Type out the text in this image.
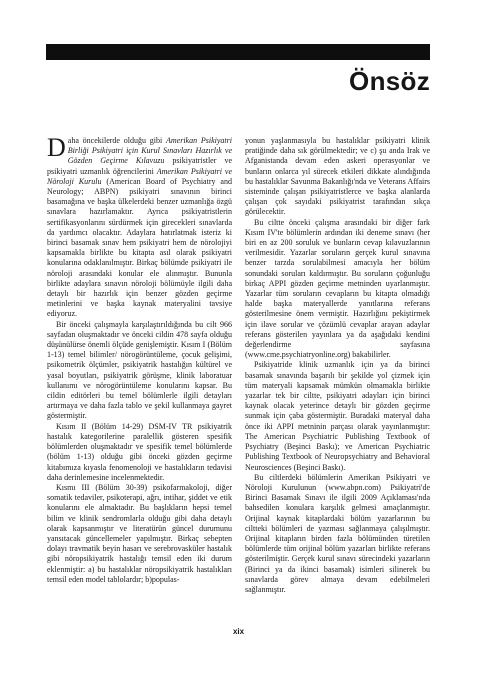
Önsöz

Daha öncekilerde olduğu gibi Amerikan Psikiyatri Birliği Psikiyatri için Kurul Sınavları Hazırlık ve Gözden Geçirme Kılavuzu psikiyatristler ve psikiyatri uzmanlık öğrencilerini Amerikan Psikiyatri ve Nöroloji Kurulu (American Board of Psychiatry and Neurology; ABPN) psikiyatri sınavının birinci basamağına ve başka ülkelerdeki benzer uzmanlığa özgü sınavlara hazırlamaktır. Ayrıca psikiyatristlerin sertifikasyonlarını sürdürmek için girecekleri sınavlarda da yardımcı olacaktır. Adaylara hatırlatmak isteriz ki birinci basamak sınav hem psikiyatri hem de nörolojiyi kapsamakla birlikte bu kitapta asıl olarak psikiyatri konularına odaklanılmıştır. Birkaç bölümde psikiyatri ile nöroloji arasındaki konular ele alınmıştır. Bununla birlikte adaylara sınavın nöroloji bölümüyle ilgili daha detaylı bir hazırlık için benzer gözden geçirme metinlerini ve başka kaynak materyalini tavsiye ediyoruz.

Bir önceki çalışmayla karşılaştırıldığında bu cilt 966 sayfadan oluşmaktadır ve önceki cildin 478 sayfa olduğu düşünülürse önemli ölçüde genişlemiştir. Kısım I (Bölüm 1-13) temel bilimler/ nörogörüntüleme, çocuk gelişimi, psikometrik ölçümler, psikiyatrik hastalığın kültürel ve yasal boyutları, psikiyatrik görüşme, klinik laboratuar kullanımı ve nörogörüntüleme konularını kapsar. Bu cildin editörleri bu temel bölümlerle ilgili detayları artırmaya ve daha fazla tablo ve şekil kullanmaya gayret göstermiştir.

Kısım II (Bölüm 14-29) DSM-IV TR psikiyatrik hastalık kategorilerine paralellik gösteren spesifik bölümlerden oluşmaktadır ve spesifik temel bölümlerde (bölüm 1-13) olduğu gibi önceki gözden geçirme kitabımıza kıyasla fenomenoloji ve hastalıkların tedavisi daha derinlemesine incelenmektedir.

Kısmı III (Bölüm 30-39) psikofarmakoloji, diğer somatik tedaviler, psikoterapi, ağrı, intihar, şiddet ve etik konularını ele almaktadır. Bu başlıkların hepsi temel bilim ve klinik sendromlarla olduğu gibi daha detaylı olarak kapsanmıştır ve literatürün güncel durumunu yansıtacak güncellemeler yapılmıştır. Birkaç sebepten dolayı travmatik beyin hasarı ve serebrovasküler hastalık gibi nöropsikiyatrik hastalığı temsil eden iki durum eklenmiştir: a) bu hastalıklar nöropsikiyatrik hastalıkları temsil eden model tablolardır; b)populas-

yonun yaşlanmasıyla bu hastalıklar psikiyatri klinik pratiğinde daha sık görülmektedir; ve c) şu anda Irak ve Afganistanda devam eden askeri operasyonlar ve bunların onlarca yıl sürecek etkileri dikkate alındığında bu hastalıklar Savunma Bakanlığı'nda ve Veterans Affairs sisteminde çalışan psikiyatristlerce ve başka alanlarda çalışan çok sayıdaki psikiyatrist tarafından sıkça görülecektir.

Bu ciltte önceki çalışma arasındaki bir diğer fark Kısım IV'te bölümlerin ardından iki deneme sınavı (her biri en az 200 soruluk ve bunların cevap kılavuzlarının verilmesidir. Yazarlar soruların gerçek kurul sınavına benzer tarzda sorulabilmesi amacıyla her bölüm sonundaki soruları kaldırmıştır. Bu soruların çoğunluğu birkaç APPI gözden geçirme metninden uyarlanmıştır. Yazarlar tüm soruların cevapların bu kitapta olmadığı halde başka materyallerde yanıtlarına referans gösterilmesine önem vermiştir. Hazırlığını pekiştirmek için ilave sorular ve çözümlü cevaplar arayan adaylar referans gösterilen yayınlara ya da aşağıdaki kendini değerlendirme sayfasına (www.cme.psychiatryonline.org) bakabilirler.

Psikiyatride klinik uzmanlık için ya da birinci basamak sınavında başarılı bir şekilde yol çizmek için tüm materyali kapsamak mümkün olmamakla birlikte yazarlar tek bir ciltte, psikiyatri adayları için birinci kaynak olacak yeterince detaylı bir gözden geçirme sunmak için çaba göstermiştir. Buradaki materyal daha önce iki APPI metninin parçası olarak yayınlanmıştır: The American Psychiatric Publishing Textbook of Psychiatry (Beşinci Baskı); ve American Psychiatric Publishing Textbook of Neuropsychiatry and Behavioral Neurosciences (Beşinci Baskı).

Bu ciltlerdeki bölümlerin Amerikan Psikiyatri ve Nöroloji Kurulunun (www.abpn.com) Psikiyatri'de Birinci Basamak Sınavı ile ilgili 2009 Açıklaması'nda bahsedilen konulara karşılık gelmesi amaçlanmıştır. Orijinal kaynak kitaplardaki bölüm yazarlarının bu ciltteki bölümleri de yazması sağlanmaya çalışılmıştır. Orijinal kitapların birden fazla bölümünden türetilen bölümlerde tüm orijinal bölüm yazarları birlikte referans gösterilmiştir. Gerçek kurul sınavı sürecindeki yazarların (Birinci ya da ikinci basamak) isimleri silinerek bu sınavlarda görev almaya devam edebilmeleri sağlanmıştır.

xix
